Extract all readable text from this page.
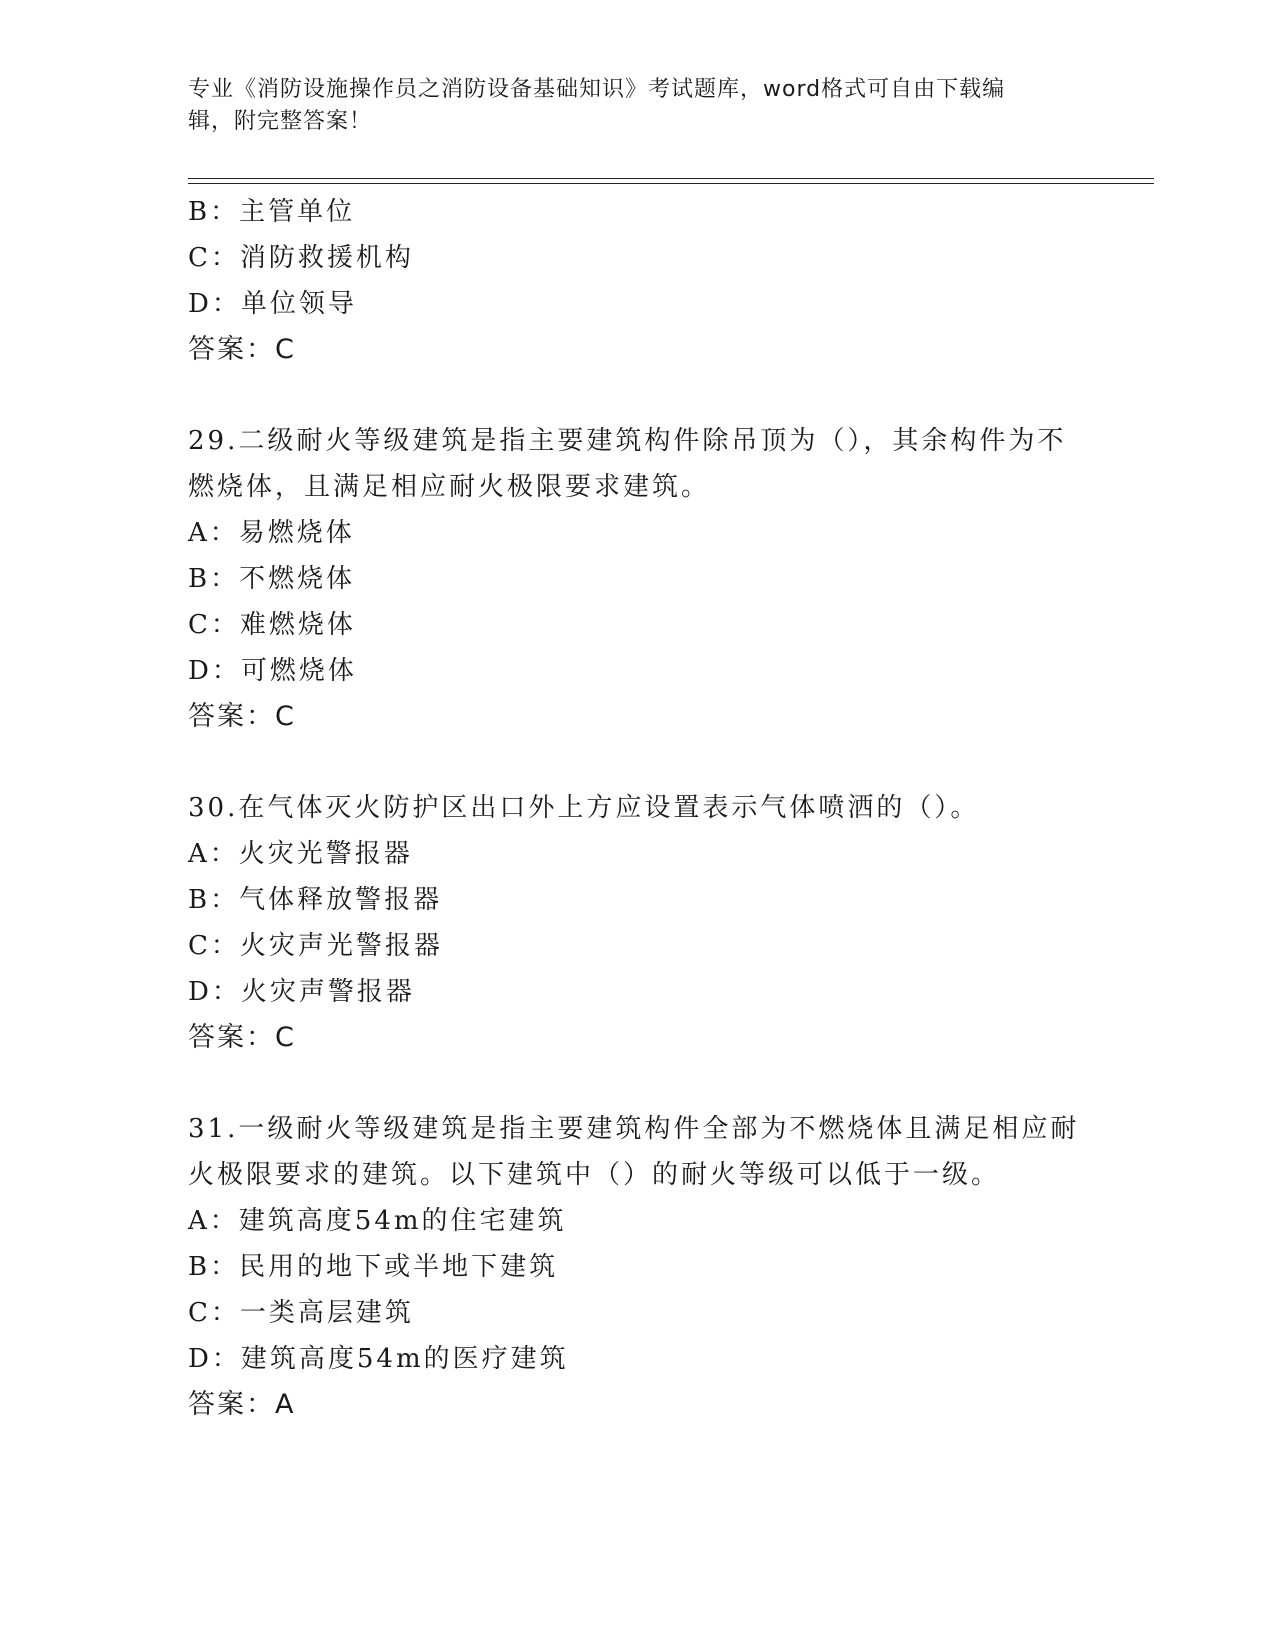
专业《消防设施操作员之消防设备基础知识》考试题库，word格式可自由下载编
辑，附完整答案！
B：主管单位
C：消防救援机构
D：单位领导
答案：C
29.二级耐火等级建筑是指主要建筑构件除吊顶为（），其余构件为不
燃烧体，且满足相应耐火极限要求建筑。
A：易燃烧体
B：不燃烧体
C：难燃烧体
D：可燃烧体
答案：C
30.在气体灭火防护区出口外上方应设置表示气体喷洒的（）。
A：火灾光警报器
B：气体释放警报器
C：火灾声光警报器
D：火灾声警报器
答案：C
31.一级耐火等级建筑是指主要建筑构件全部为不燃烧体且满足相应耐
火极限要求的建筑。以下建筑中（）的耐火等级可以低于一级。
A：建筑高度54m的住宅建筑
B：民用的地下或半地下建筑
C：一类高层建筑
D：建筑高度54m的医疗建筑
答案：A
